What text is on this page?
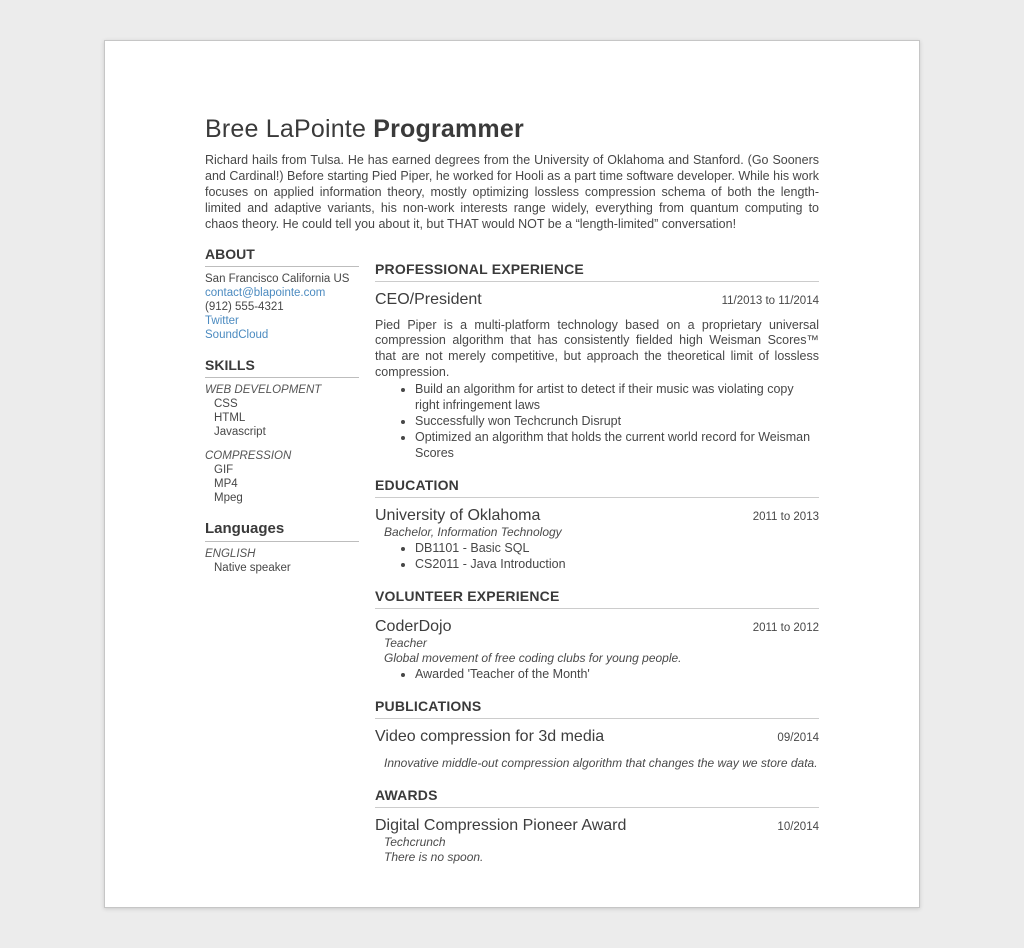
Bree LaPointe Programmer

Richard hails from Tulsa. He has earned degrees from the University of Oklahoma and Stanford. (Go Sooners and Cardinal!) Before starting Pied Piper, he worked for Hooli as a part time software developer. While his work focuses on applied information theory, mostly optimizing lossless compression schema of both the length-limited and adaptive variants, his non-work interests range widely, everything from quantum computing to chaos theory. He could tell you about it, but THAT would NOT be a “length-limited” conversation!

ABOUT
San Francisco California US
contact@blapointe.com
(912) 555-4321
Twitter
SoundCloud
SKILLS
WEB DEVELOPMENT
CSS
HTML
Javascript
COMPRESSION
GIF
MP4
Mpeg
Languages
ENGLISH
Native speaker
PROFESSIONAL EXPERIENCE
CEO/President	11/2013 to 11/2014

Pied Piper is a multi-platform technology based on a proprietary universal compression algorithm that has consistently fielded high Weisman Scores™ that are not merely competitive, but approach the theoretical limit of lossless compression.

• Build an algorithm for artist to detect if their music was violating copy right infringement laws
• Successfully won Techcrunch Disrupt
• Optimized an algorithm that holds the current world record for Weisman Scores
EDUCATION
University of Oklahoma	2011 to 2013
Bachelor, Information Technology
• DB1101 - Basic SQL
• CS2011 - Java Introduction
VOLUNTEER EXPERIENCE
CoderDojo	2011 to 2012
Teacher
Global movement of free coding clubs for young people.
• Awarded 'Teacher of the Month'
PUBLICATIONS
Video compression for 3d media	09/2014
Innovative middle-out compression algorithm that changes the way we store data.
AWARDS
Digital Compression Pioneer Award	10/2014
Techcrunch
There is no spoon.
